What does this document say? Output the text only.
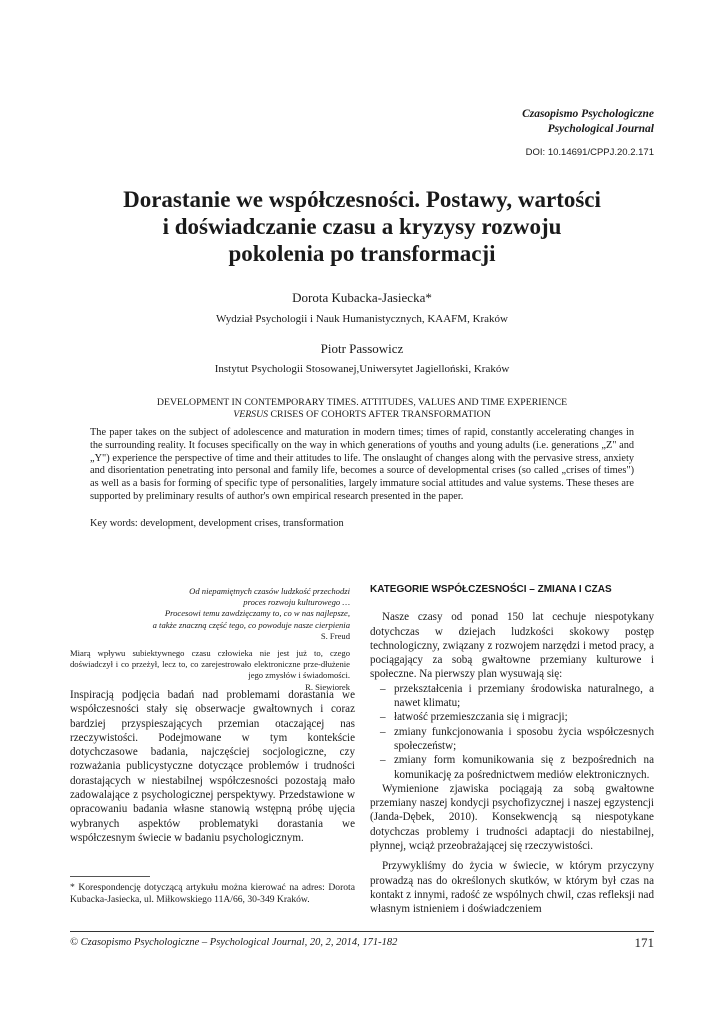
Czasopismo Psychologiczne
Psychological Journal
DOI: 10.14691/CPPJ.20.2.171
Dorastanie we współczesności. Postawy, wartości
i doświadczanie czasu a kryzysy rozwoju
pokolenia po transformacji
Dorota Kubacka-Jasiecka*
Wydział Psychologii i Nauk Humanistycznych, KAAFM, Kraków
Piotr Passowicz
Instytut Psychologii Stosowanej,Uniwersytet Jagielloński, Kraków
DEVELOPMENT IN CONTEMPORARY TIMES. ATTITUDES, VALUES AND TIME EXPERIENCE
VERSUS CRISES OF COHORTS AFTER TRANSFORMATION
The paper takes on the subject of adolescence and maturation in modern times; times of rapid, constantly accelerating changes in the surrounding reality. It focuses specifically on the way in which generations of youths and young adults (i.e. generations „Z" and „Y") experience the perspective of time and their attitudes to life. The onslaught of changes along with the pervasive stress, anxiety and disorientation penetrating into personal and family life, becomes a source of developmental crises (so called „crises of times") as well as a basis for forming of specific type of personalities, largely immature social attitudes and value systems. These theses are supported by preliminary results of author's own empirical research presented in the paper.
Key words: development, development crises, transformation

Od niepamiętnych czasów ludzkość przechodzi

proces rozwoju kulturowego …

Procesowi temu zawdzięczamy to, co w nas najlepsze,

a także znaczną część tego, co powoduje nasze cierpienia

S. Freud

Miarą wpływu subiektywnego czasu człowieka nie jest już to, czego doświadczył i co przeżył, lecz to, co zarejestrowało elektroniczne prze-dłużenie jego zmysłów i świadomości.

R. Siewiorek

Inspiracją podjęcia badań nad problemami dorastania we współczesności stały się obserwacje gwałtownych i coraz bardziej przyspieszających przemian otaczającej nas rzeczywistości. Podejmowane w tym kontekście dotychczasowe badania, najczęściej socjologiczne, czy rozważania publicystyczne dotyczące problemów i trudności dorastających w niestabilnej współczesności pozostają mało zadowalające z psychologicznej perspektywy. Przedstawione w opracowaniu badania własne stanowią wstępną próbę ujęcia wybranych aspektów problematyki dorastania we współczesnym świecie w badaniu psychologicznym.

* Korespondencję dotyczącą artykułu można kierować na adres: Dorota Kubacka-Jasiecka, ul. Miłkowskiego 11A/66, 30-349 Kraków.

KATEGORIE WSPÓŁCZESNOŚCI – ZMIANA I CZAS

Nasze czasy od ponad 150 lat cechuje niespotykany dotychczas w dziejach ludzkości skokowy postęp technologiczny, związany z rozwojem narzędzi i metod pracy, a pociągający za sobą gwałtowne przemiany kulturowe i społeczne. Na pierwszy plan wysuwają się:

– przekształcenia i przemiany środowiska naturalnego, a nawet klimatu;
– łatwość przemieszczania się i migracji;
– zmiany funkcjonowania i sposobu życia współczesnych społeczeństw;
– zmiany form komunikowania się z bezpośrednich na komunikację za pośrednictwem mediów elektronicznych.

Wymienione zjawiska pociągają za sobą gwałtowne przemiany naszej kondycji psychofizycznej i naszej egzystencji (Janda-Dębek, 2010). Konsekwencją są niespotykane dotychczas problemy i trudności adaptacji do niestabilnej, płynnej, wciąż przeobrażającej się rzeczywistości.

Przywykliśmy do życia w świecie, w którym przyczyny prowadzą nas do określonych skutków, w którym był czas na kontakt z innymi, radość ze wspólnych chwil, czas refleksji nad własnym istnieniem i doświadczeniem

© Czasopismo Psychologiczne – Psychological Journal, 20, 2, 2014, 171-182	171
